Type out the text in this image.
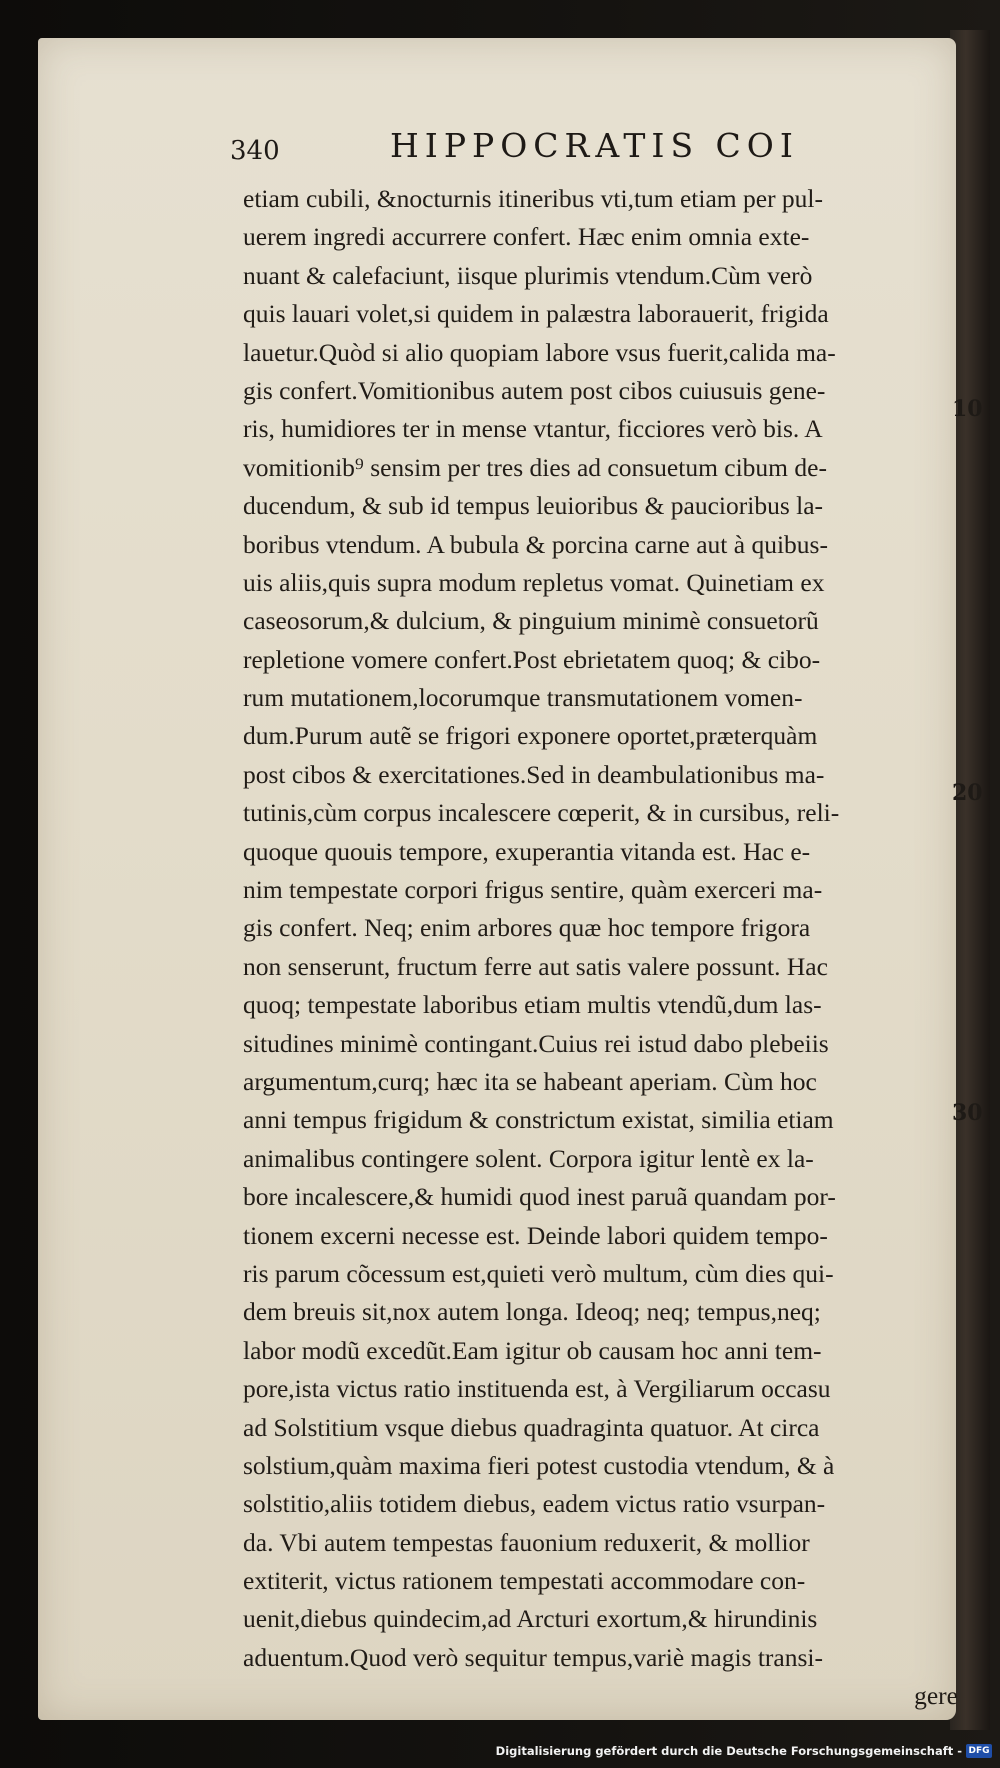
340	HIPPOCRATIS COI
etiam cubili, &nocturnis itineribus vti,tum etiam per pul-
uerem ingredi accurrere confert. Hæc enim omnia exte-
nuant & calefaciunt, iisque plurimis vtendum.Cùm verò
quis lauari volet,si quidem in palæstra laborauerit, frigida
lauetur.Quòd si alio quopiam labore vsus fuerit,calida ma-
gis confert.Vomitionibus autem post cibos cuiusuis gene-
ris, humidiores ter in mense vtantur, ficciores verò bis. A
vomitionib⁹ sensim per tres dies ad consuetum cibum de-
ducendum, & sub id tempus leuioribus & paucioribus la-
boribus vtendum. A bubula & porcina carne aut à quibus-
uis aliis,quis supra modum repletus vomat. Quinetiam ex
caseosorum,& dulcium, & pinguium minimè consuetorũ
repletione vomere confert.Post ebrietatem quoq; & cibo-
rum mutationem,locorumque transmutationem vomen-
dum.Purum autẽ se frigori exponere oportet,præterquàm
post cibos & exercitationes.Sed in deambulationibus ma-
tutinis,cùm corpus incalescere cœperit, & in cursibus, reli-
quoque quouis tempore, exuperantia vitanda est. Hac e-
nim tempestate corpori frigus sentire, quàm exerceri ma-
gis confert. Neq; enim arbores quæ hoc tempore frigora
non senserunt, fructum ferre aut satis valere possunt. Hac
quoq; tempestate laboribus etiam multis vtendũ,dum las-
situdines minimè contingant.Cuius rei istud dabo plebeiis
argumentum,curq; hæc ita se habeant aperiam. Cùm hoc
anni tempus frigidum & constrictum existat, similia etiam
animalibus contingere solent. Corpora igitur lentè ex la-
bore incalescere,& humidi quod inest paruã quandam por-
tionem excerni necesse est. Deinde labori quidem tempo-
ris parum cõcessum est,quieti verò multum, cùm dies qui-
dem breuis sit,nox autem longa. Ideoq; neq; tempus,neq;
labor modũ excedũt.Eam igitur ob causam hoc anni tem-
pore,ista victus ratio instituenda est, à Vergiliarum occasu
ad Solstitium vsque diebus quadraginta quatuor. At circa
solstium,quàm maxima fieri potest custodia vtendum, & à
solstitio,aliis totidem diebus, eadem victus ratio vsurpan-
da. Vbi autem tempestas fauonium reduxerit, & mollior
extiterit, victus rationem tempestati accommodare con-
uenit,diebus quindecim,ad Arcturi exortum,& hirundinis
aduentum.Quod verò sequitur tempus,variè magis transi-
gere
10
20
30
Digitalisierung gefördert durch die Deutsche Forschungsgemeinschaft - DFG
